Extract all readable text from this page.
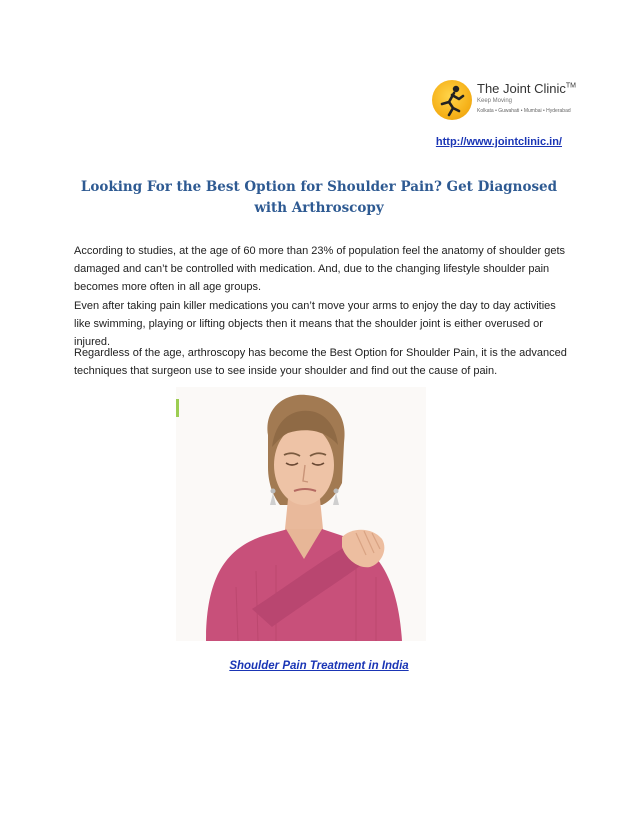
The Joint Clinic™
Keep Moving
Kolkata • Guwahati • Mumbai • Hyderabad
http://www.jointclinic.in/
Looking For the Best Option for Shoulder Pain? Get Diagnosed with Arthroscopy

According to studies, at the age of 60 more than 23% of population feel the anatomy of shoulder gets damaged and can’t be controlled with medication. And, due to the changing lifestyle shoulder pain becomes more often in all age groups.

Even after taking pain killer medications you can’t move your arms to enjoy the day to day activities like swimming, playing or lifting objects then it means that the shoulder joint is either overused or injured.

Regardless of the age, arthroscopy has become the Best Option for Shoulder Pain, it is the advanced techniques that surgeon use to see inside your shoulder and find out the cause of pain.

Shoulder Pain Treatment in India
